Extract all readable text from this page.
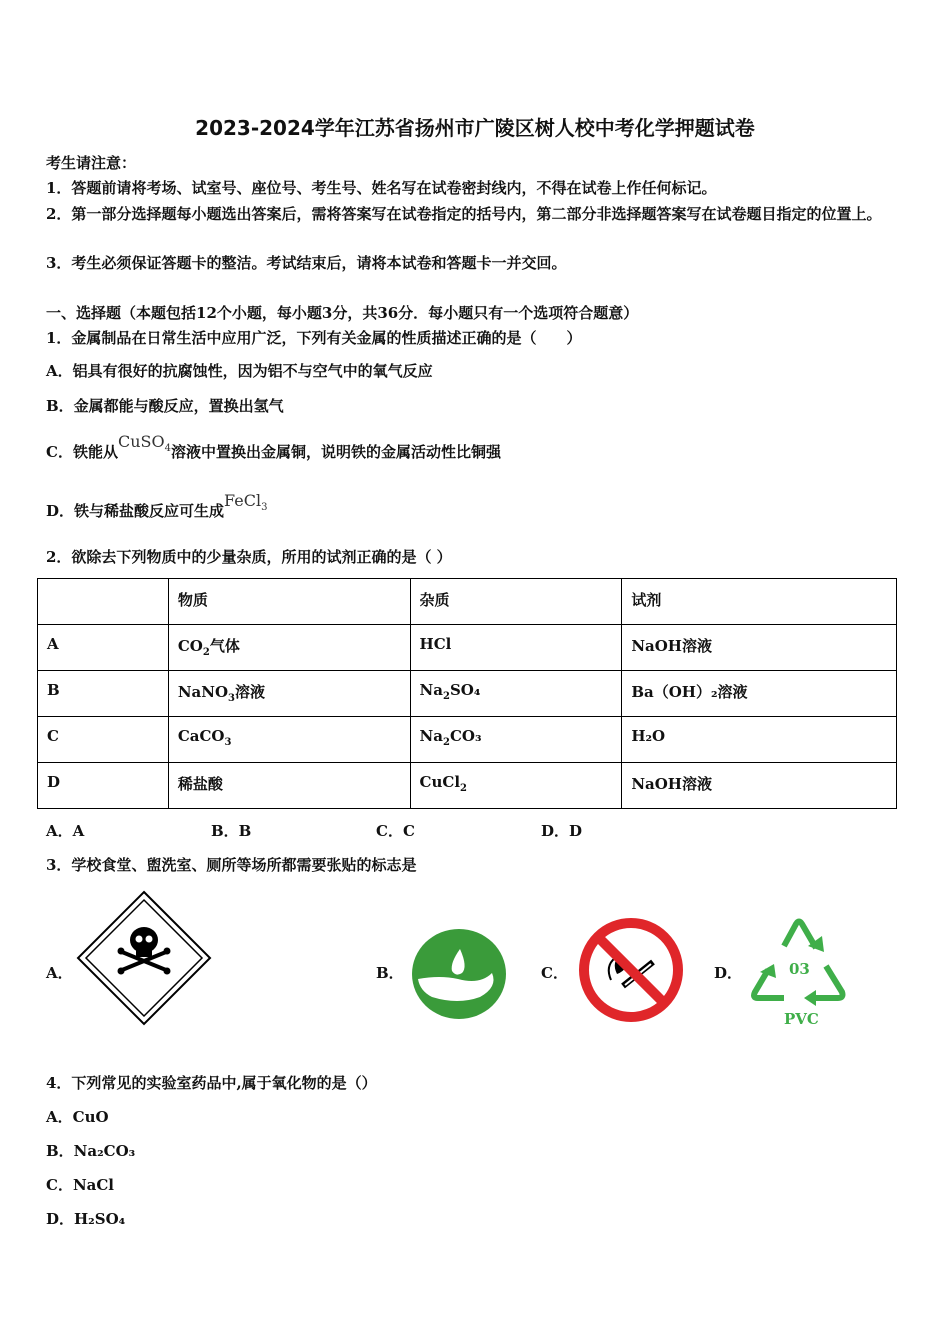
2023-2024学年江苏省扬州市广陵区树人校中考化学押题试卷
考生请注意：
1．答题前请将考场、试室号、座位号、考生号、姓名写在试卷密封线内，不得在试卷上作任何标记。
2．第一部分选择题每小题选出答案后，需将答案写在试卷指定的括号内，第二部分非选择题答案写在试卷题目指定的位置上。
3．考生必须保证答题卡的整洁。考试结束后，请将本试卷和答题卡一并交回。
一、选择题（本题包括12个小题，每小题3分，共36分．每小题只有一个选项符合题意）
1．金属制品在日常生活中应用广泛，下列有关金属的性质描述正确的是（　　）
A．铝具有很好的抗腐蚀性，因为铝不与空气中的氧气反应
B．金属都能与酸反应，置换出氢气
C．铁能从CuSO$_4$溶液中置换出金属铜，说明铁的金属活动性比铜强
D．铁与稀盐酸反应可生成FeCl$_3$
2．欲除去下列物质中的少量杂质，所用的试剂正确的是（ ）
	物质	杂质	试剂
A	$CO_2$气体	HCl	NaOH溶液
B	NaNO$_3$溶液	$Na_2SO_4$	Ba（OH）₂溶液
C	CaCO$_3$	$Na_2CO_3$	H₂O
D	稀盐酸	CuCl$_2$	NaOH溶液
A．A	B．B	C．C	D．D
3．学校食堂、盥洗室、厕所等场所都需要张贴的标志是
A．	B．	C．	D．	03
PVC
4．下列常见的实验室药品中,属于氧化物的是（）
A．CuO
B．Na₂CO₃
C．NaCl
D．H₂SO₄
